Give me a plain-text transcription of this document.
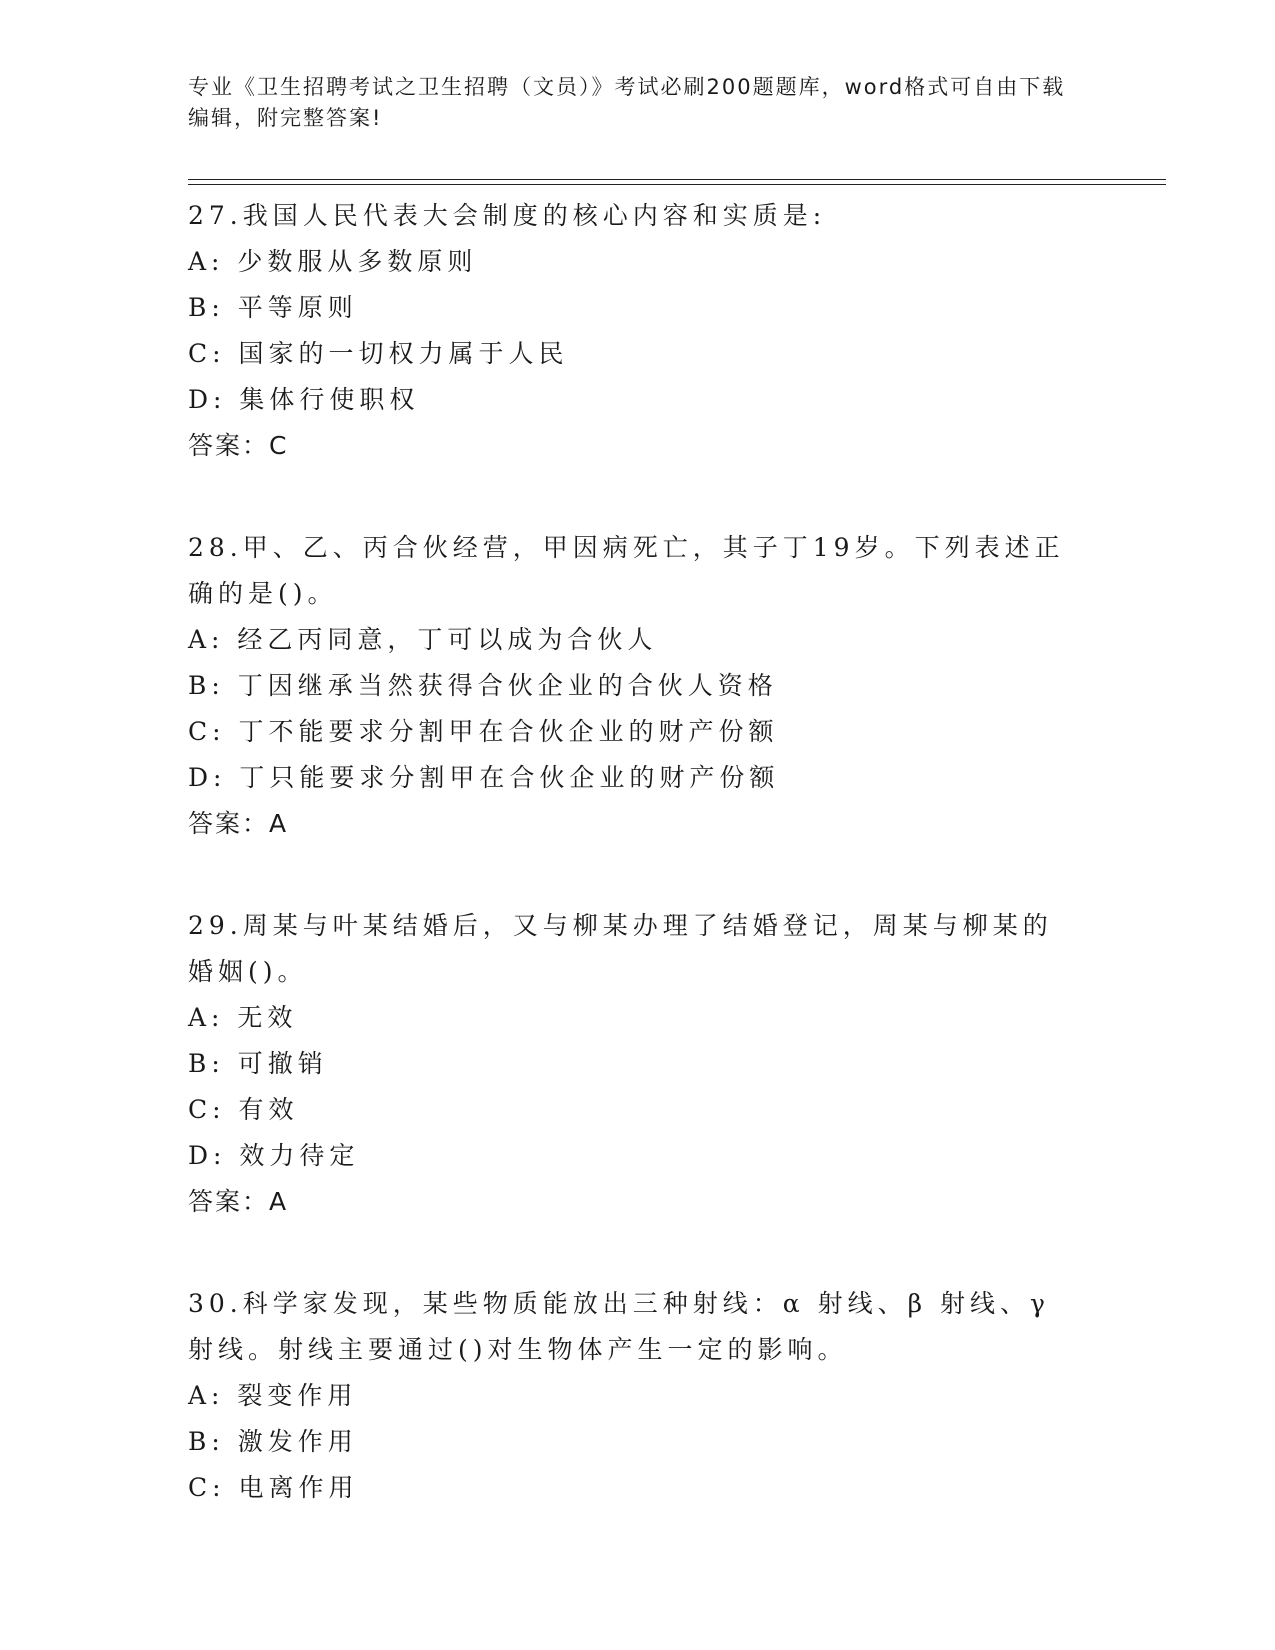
专业《卫生招聘考试之卫生招聘（文员）》考试必刷200题题库，word格式可自由下载编辑，附完整答案!
27.我国人民代表大会制度的核心内容和实质是:
A: 少数服从多数原则
B: 平等原则
C: 国家的一切权力属于人民
D: 集体行使职权
答案：C
28.甲、乙、丙合伙经营，甲因病死亡，其子丁19岁。下列表述正确的是()。
A: 经乙丙同意，丁可以成为合伙人
B: 丁因继承当然获得合伙企业的合伙人资格
C: 丁不能要求分割甲在合伙企业的财产份额
D: 丁只能要求分割甲在合伙企业的财产份额
答案：A
29.周某与叶某结婚后，又与柳某办理了结婚登记，周某与柳某的婚姻()。
A: 无效
B: 可撤销
C: 有效
D: 效力待定
答案：A
30.科学家发现，某些物质能放出三种射线：α 射线、β 射线、γ 射线。射线主要通过()对生物体产生一定的影响。
A: 裂变作用
B: 激发作用
C: 电离作用
